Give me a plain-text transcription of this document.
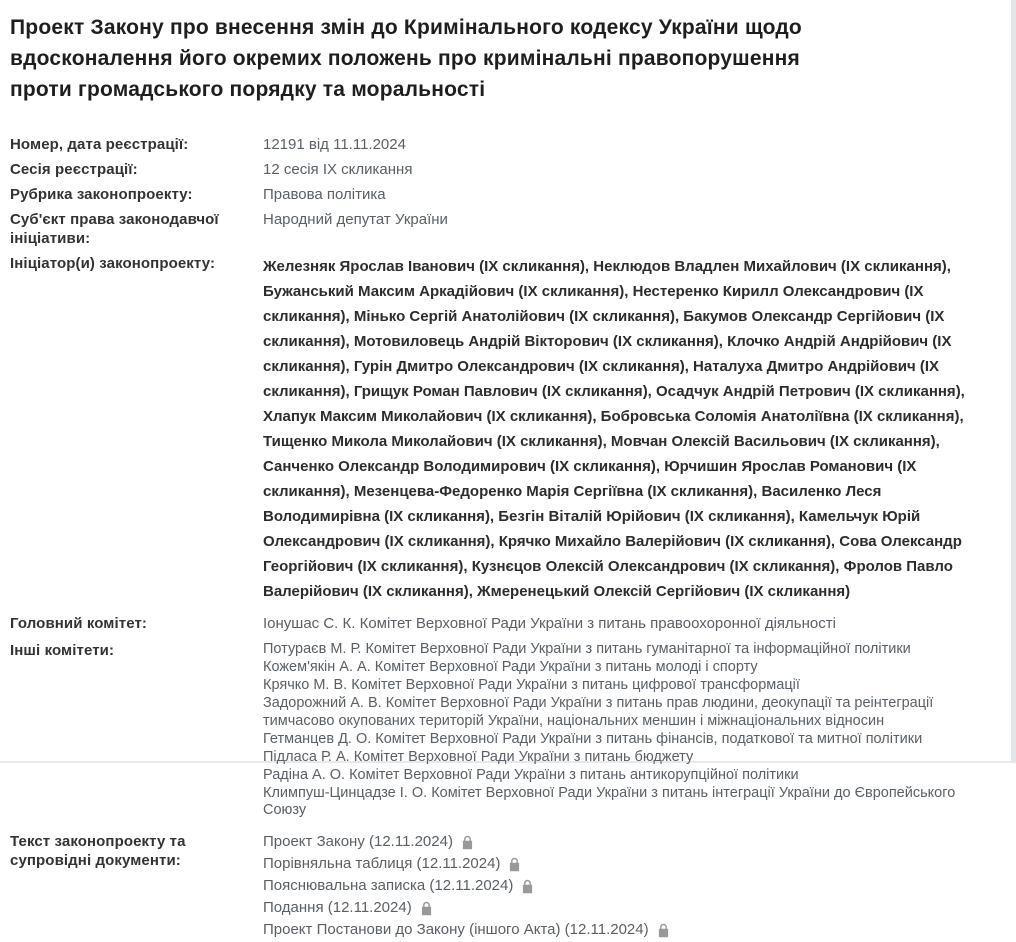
Проект Закону про внесення змін до Кримінального кодексу України щодо вдосконалення його окремих положень про кримінальні правопорушення проти громадського порядку та моральності
Номер, дата реєстрації:	12191 від 11.11.2024
Сесія реєстрації:	12 сесія IX скликання
Рубрика законопроекту:	Правова політика
Суб'єкт права законодавчої ініціативи:
Народний депутат України
Ініціатор(и) законопроекту:	Железняк Ярослав Іванович (ІХ скликання), Неклюдов Владлен Михайлович (ІХ скликання), Бужанський Максим Аркадійович (ІХ скликання), Нестеренко Кирилл Олександрович (ІХ скликання), Мінько Сергій Анатолійович (ІХ скликання), Бакумов Олександр Сергійович (ІХ скликання), Мотовиловець Андрій Вікторович (ІХ скликання), Клочко Андрій Андрійович (ІХ скликання), Гурін Дмитро Олександрович (ІХ скликання), Наталуха Дмитро Андрійович (ІХ скликання), Грищук Роман Павлович (ІХ скликання), Осадчук Андрій Петрович (ІХ скликання), Хлапук Максим Миколайович (ІХ скликання), Бобровська Соломія Анатоліївна (ІХ скликання), Тищенко Микола Миколайович (ІХ скликання), Мовчан Олексій Васильович (ІХ скликання), Санченко Олександр Володимирович (ІХ скликання), Юрчишин Ярослав Романович (ІХ скликання), Мезенцева-Федоренко Марія Сергіївна (ІХ скликання), Василенко Леся Володимирівна (ІХ скликання), Безгін Віталій Юрійович (ІХ скликання), Камельчук Юрій Олександрович (ІХ скликання), Крячко Михайло Валерійович (ІХ скликання), Сова Олександр Георгійович (ІХ скликання), Кузнєцов Олексій Олександрович (ІХ скликання), Фролов Павло Валерійович (ІХ скликання), Жмеренецький Олексій Сергійович (ІХ скликання)
Головний комітет:	Іонушас С. К. Комітет Верховної Ради України з питань правоохоронної діяльності
Інші комітети:	Потураєв М. Р. Комітет Верховної Ради України з питань гуманітарної та інформаційної політики
Кожем'якін А. А. Комітет Верховної Ради України з питань молоді і спорту
Крячко М. В. Комітет Верховної Ради України з питань цифрової трансформації
Задорожний А. В. Комітет Верховної Ради України з питань прав людини, деокупації та реінтеграції тимчасово окупованих територій України, національних меншин і міжнаціональних відносин
Гетманцев Д. О. Комітет Верховної Ради України з питань фінансів, податкової та митної політики
Підласа Р. А. Комітет Верховної Ради України з питань бюджету
Радіна А. О. Комітет Верховної Ради України з питань антикорупційної політики
Климпуш-Цинцадзе І. О. Комітет Верховної Ради України з питань інтеграції України до Європейського Союзу
Текст законопроекту та супровідні документи:
Проект Закону (12.11.2024)
Порівняльна таблиця (12.11.2024)
Пояснювальна записка (12.11.2024)
Подання (12.11.2024)
Проект Постанови до Закону (іншого Акта) (12.11.2024)
